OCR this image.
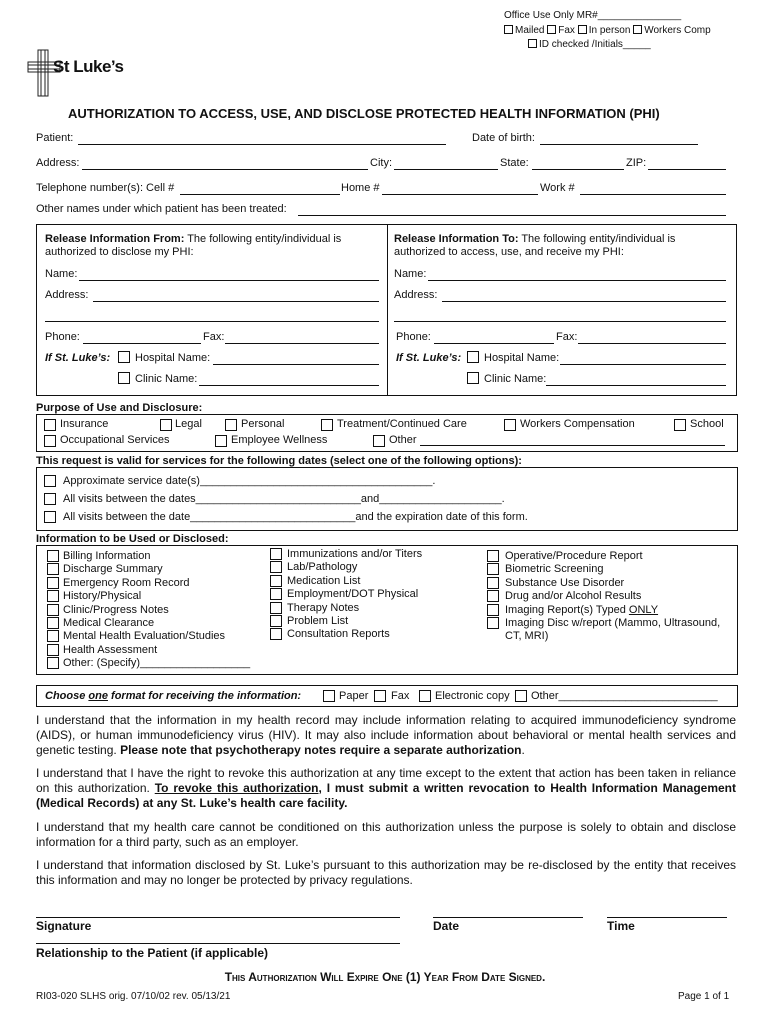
Office Use Only MR#_______________
Mailed Fax In person Workers Comp
ID checked /Initials_____
St Luke’s
AUTHORIZATION TO ACCESS, USE, AND DISCLOSE PROTECTED HEALTH INFORMATION (PHI)
Patient:	Date of birth:
Address:	City:	State:	ZIP:
Telephone number(s): Cell #	Home #	Work #
Other names under which patient has been treated:
Release Information From: The following entity/individual is
authorized to disclose my PHI:
Name:
Address:
Phone:	Fax:
If St. Luke’s: Hospital Name:
Clinic Name:
Release Information To: The following entity/individual is
authorized to access, use, and receive my PHI:
Name:
Address:
Phone:	Fax:
If St. Luke’s: Hospital Name:
Clinic Name:
Purpose of Use and Disclosure:
Insurance	Legal	Personal	Treatment/Continued Care	Workers Compensation	School
Occupational Services	Employee Wellness	Other
This request is valid for services for the following dates (select one of the following options):
Approximate service date(s)______________________________________.
All visits between the dates___________________________and____________________.
All visits between the date___________________________and the expiration date of this form.
Information to be Used or Disclosed:
Billing Information
Discharge Summary
Emergency Room Record
History/Physical
Clinic/Progress Notes
Medical Clearance
Mental Health Evaluation/Studies
Health Assessment
Other: (Specify)__________________
Immunizations and/or Titers
Lab/Pathology
Medication List
Employment/DOT Physical
Therapy Notes
Problem List
Consultation Reports
Operative/Procedure Report
Biometric Screening
Substance Use Disorder
Drug and/or Alcohol Results
Imaging Report(s) Typed ONLY
Imaging Disc w/report (Mammo, Ultrasound,
CT, MRI)
Choose one format for receiving the information:	Paper Fax Electronic copy Other__________________________
I understand that the information in my health record may include information relating to acquired immunodeficiency syndrome (AIDS), or human immunodeficiency virus (HIV). It may also include information about behavioral or mental health services and genetic testing. Please note that psychotherapy notes require a separate authorization.
I understand that I have the right to revoke this authorization at any time except to the extent that action has been taken in reliance on this authorization. To revoke this authorization, I must submit a written revocation to Health Information Management (Medical Records) at any St. Luke’s health care facility.
I understand that my health care cannot be conditioned on this authorization unless the purpose is solely to obtain and disclose information for a third party, such as an employer.
I understand that information disclosed by St. Luke’s pursuant to this authorization may be re-disclosed by the entity that receives this information and may no longer be protected by privacy regulations.
Signature	Date	Time
Relationship to the Patient (if applicable)
This Authorization Will Expire One (1) Year From Date Signed.
RI03-020 SLHS orig. 07/10/02 rev. 05/13/21	Page 1 of 1
